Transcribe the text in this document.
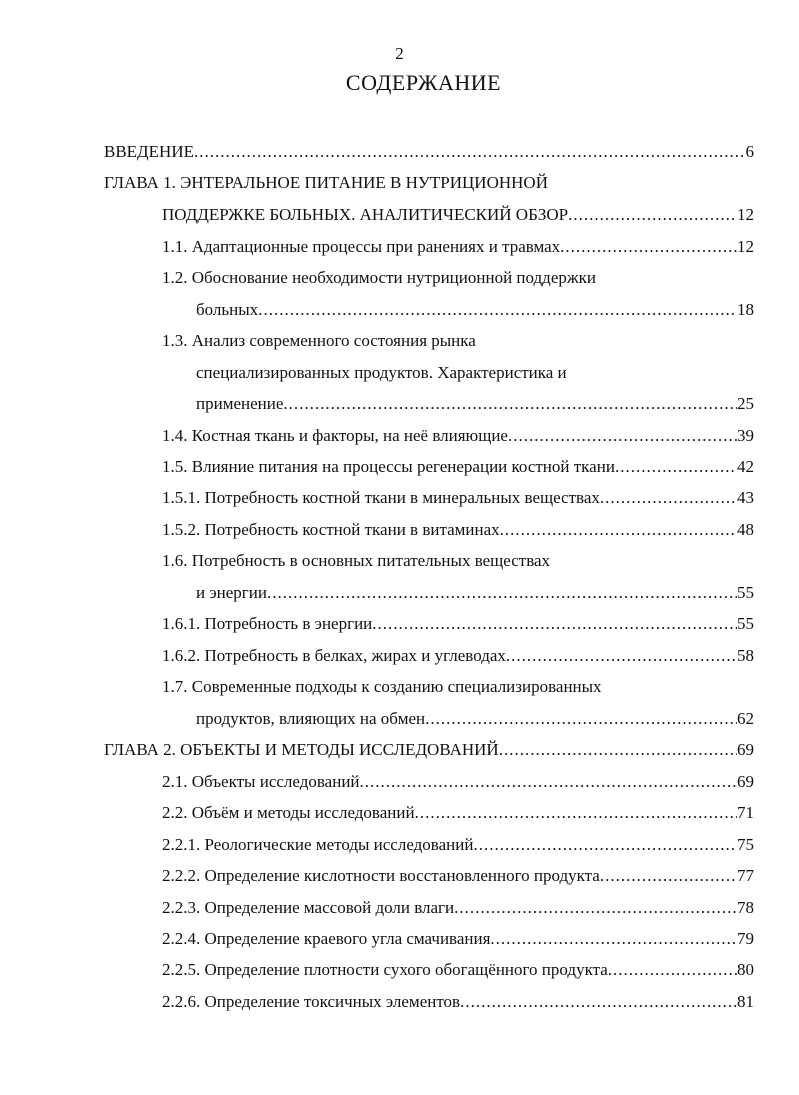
2
СОДЕРЖАНИЕ
ВВЕДЕНИЕ .....	6
ГЛАВА 1. ЭНТЕРАЛЬНОЕ ПИТАНИЕ В НУТРИЦИОННОЙ
ПОДДЕРЖКЕ БОЛЬНЫХ. АНАЛИТИЧЕСКИЙ ОБЗОР .....	12
1.1. Адаптационные процессы при ранениях и травмах .....	12
1.2. Обоснование необходимости нутриционной поддержки
больных .....	18
1.3. Анализ современного состояния рынка
специализированных продуктов. Характеристика и
применение .....	25
1.4. Костная ткань и факторы, на неё влияющие .....	39
1.5. Влияние питания на процессы регенерации костной ткани .....	42
1.5.1. Потребность костной ткани в минеральных веществах .....	43
1.5.2. Потребность костной ткани в витаминах .....	48
1.6. Потребность в основных питательных веществах
и энергии .....	55
1.6.1. Потребность в энергии .....	55
1.6.2. Потребность в белках, жирах и углеводах .....	58
1.7. Современные подходы к созданию специализированных
продуктов, влияющих на обмен .....	62
ГЛАВА 2. ОБЪЕКТЫ И МЕТОДЫ ИССЛЕДОВАНИЙ .....	69
2.1. Объекты исследований .....	69
2.2. Объём и методы исследований .....	71
2.2.1. Реологические методы исследований .....	75
2.2.2. Определение кислотности восстановленного продукта .....	77
2.2.3. Определение массовой доли влаги .....	78
2.2.4. Определение краевого угла смачивания .....	79
2.2.5. Определение плотности сухого обогащённого продукта .....	80
2.2.6. Определение токсичных элементов .....	81
